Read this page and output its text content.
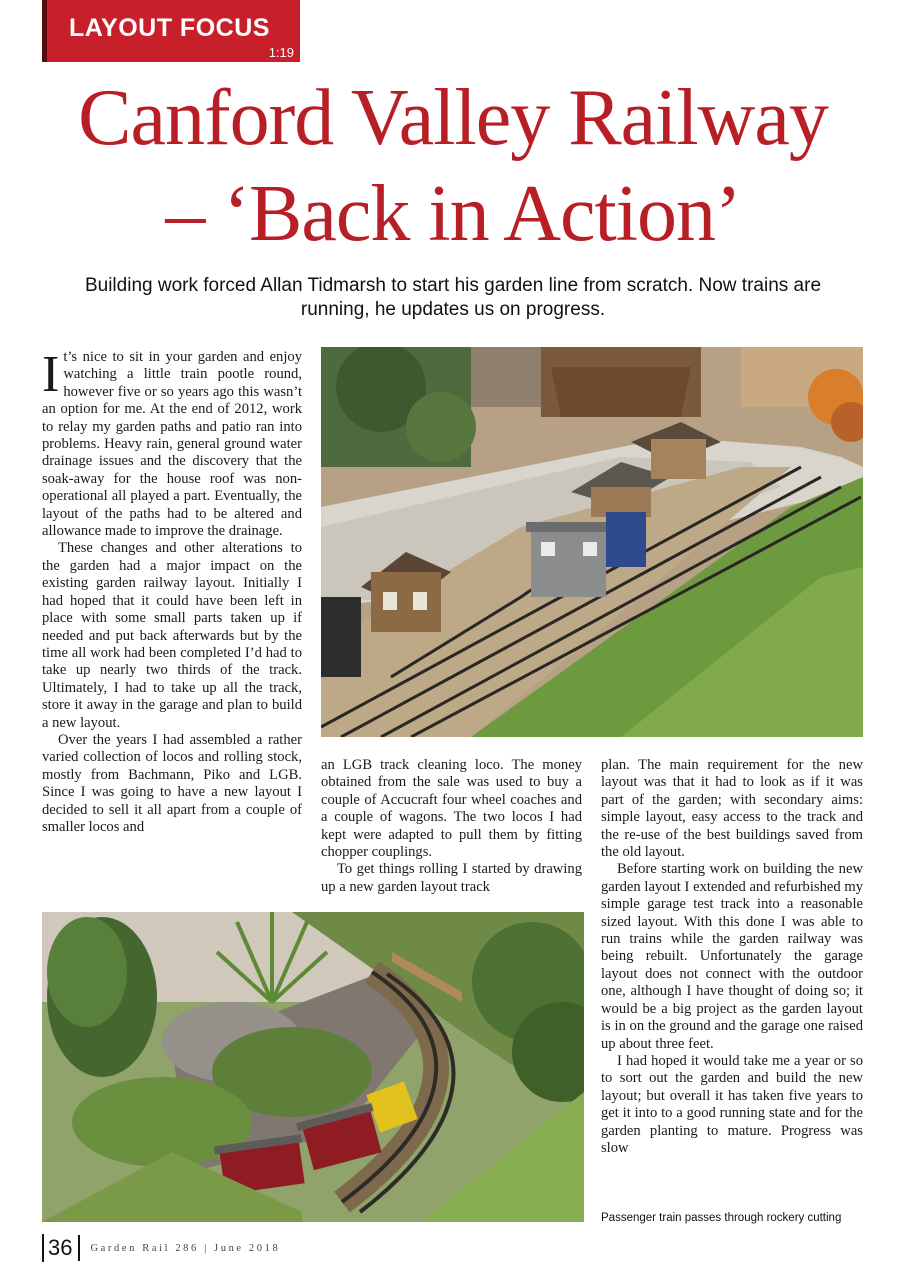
LAYOUT FOCUS
1:19
Canford Valley Railway
– ‘Back in Action’

Building work forced Allan Tidmarsh to start his garden line from scratch. Now trains are running, he updates us on progress.

It’s nice to sit in your garden and enjoy watching a little train pootle round, however five or so years ago this wasn’t an option for me. At the end of 2012, work to relay my garden paths and patio ran into problems. Heavy rain, general ground water drainage issues and the discovery that the soak-away for the house roof was non-operational all played a part. Eventually, the layout of the paths had to be altered and allowance made to improve the drainage.

These changes and other alterations to the garden had a major impact on the existing garden railway layout. Initially I had hoped that it could have been left in place with some small parts taken up if needed and put back afterwards but by the time all work had been completed I’d had to take up nearly two thirds of the track. Ultimately, I had to take up all the track, store it away in the garage and plan to build a new layout.

Over the years I had assembled a rather varied collection of locos and rolling stock, mostly from Bachmann, Piko and LGB. Since I was going to have a new layout I decided to sell it all apart from a couple of smaller locos and

an LGB track cleaning loco. The money obtained from the sale was used to buy a couple of Accucraft four wheel coaches and a couple of wagons. The two locos I had kept were adapted to pull them by fitting chopper couplings.

To get things rolling I started by drawing up a new garden layout track

plan. The main requirement for the new layout was that it had to look as if it was part of the garden; with secondary aims: simple layout, easy access to the track and the re-use of the best buildings saved from the old layout.

Before starting work on building the new garden layout I extended and refurbished my simple garage test track into a reasonable sized layout. With this done I was able to run trains while the garden railway was being rebuilt. Unfortunately the garage layout does not connect with the outdoor one, although I have thought of doing so; it would be a big project as the garden layout is in on the ground and the garage one raised up about three feet.

I had hoped it would take me a year or so to sort out the garden and build the new layout; but overall it has taken five years to get it into to a good running state and for the garden planting to mature. Progress was slow

Passenger train passes through rockery cutting
36	Garden Rail 286 | June 2018
